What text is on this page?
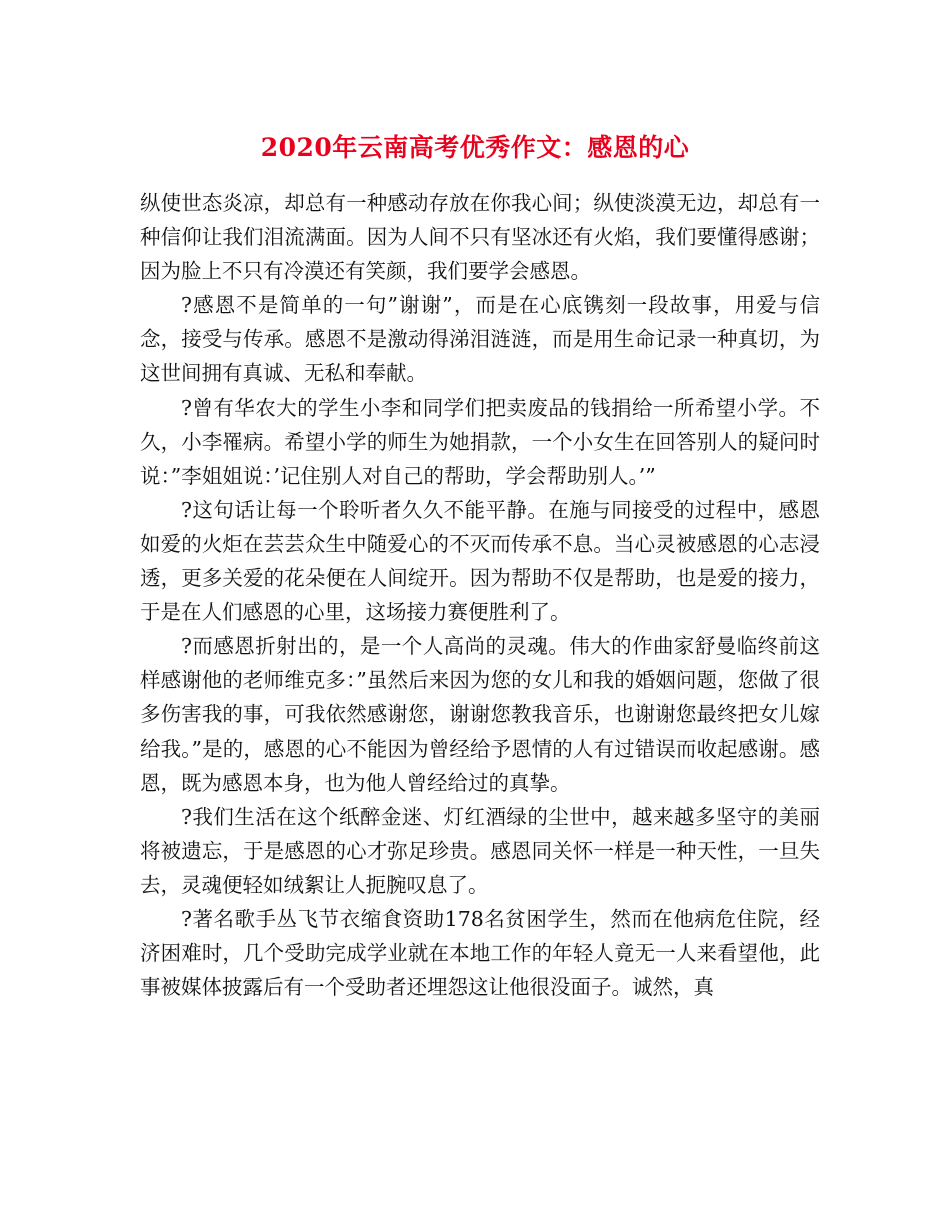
2020年云南高考优秀作文：感恩的心

纵使世态炎凉，却总有一种感动存放在你我心间；纵使淡漠无边，却总有一种信仰让我们泪流满面。因为人间不只有坚冰还有火焰，我们要懂得感谢；因为脸上不只有冷漠还有笑颜，我们要学会感恩。

?感恩不是简单的一句”谢谢”，而是在心底镌刻一段故事，用爱与信念，接受与传承。感恩不是激动得涕泪涟涟，而是用生命记录一种真切，为这世间拥有真诚、无私和奉献。

?曾有华农大的学生小李和同学们把卖废品的钱捐给一所希望小学。不久，小李罹病。希望小学的师生为她捐款，一个小女生在回答别人的疑问时说：”李姐姐说：’记住别人对自己的帮助，学会帮助别人。’”

?这句话让每一个聆听者久久不能平静。在施与同接受的过程中，感恩如爱的火炬在芸芸众生中随爱心的不灭而传承不息。当心灵被感恩的心志浸透，更多关爱的花朵便在人间绽开。因为帮助不仅是帮助，也是爱的接力，于是在人们感恩的心里，这场接力赛便胜利了。

?而感恩折射出的，是一个人高尚的灵魂。伟大的作曲家舒曼临终前这样感谢他的老师维克多：”虽然后来因为您的女儿和我的婚姻问题，您做了很多伤害我的事，可我依然感谢您，谢谢您教我音乐，也谢谢您最终把女儿嫁给我。”是的，感恩的心不能因为曾经给予恩情的人有过错误而收起感谢。感恩，既为感恩本身，也为他人曾经给过的真挚。

?我们生活在这个纸醉金迷、灯红酒绿的尘世中，越来越多坚守的美丽将被遗忘，于是感恩的心才弥足珍贵。感恩同关怀一样是一种天性，一旦失去，灵魂便轻如绒絮让人扼腕叹息了。

?著名歌手丛飞节衣缩食资助178名贫困学生，然而在他病危住院，经济困难时，几个受助完成学业就在本地工作的年轻人竟无一人来看望他，此事被媒体披露后有一个受助者还埋怨这让他很没面子。诚然，真
